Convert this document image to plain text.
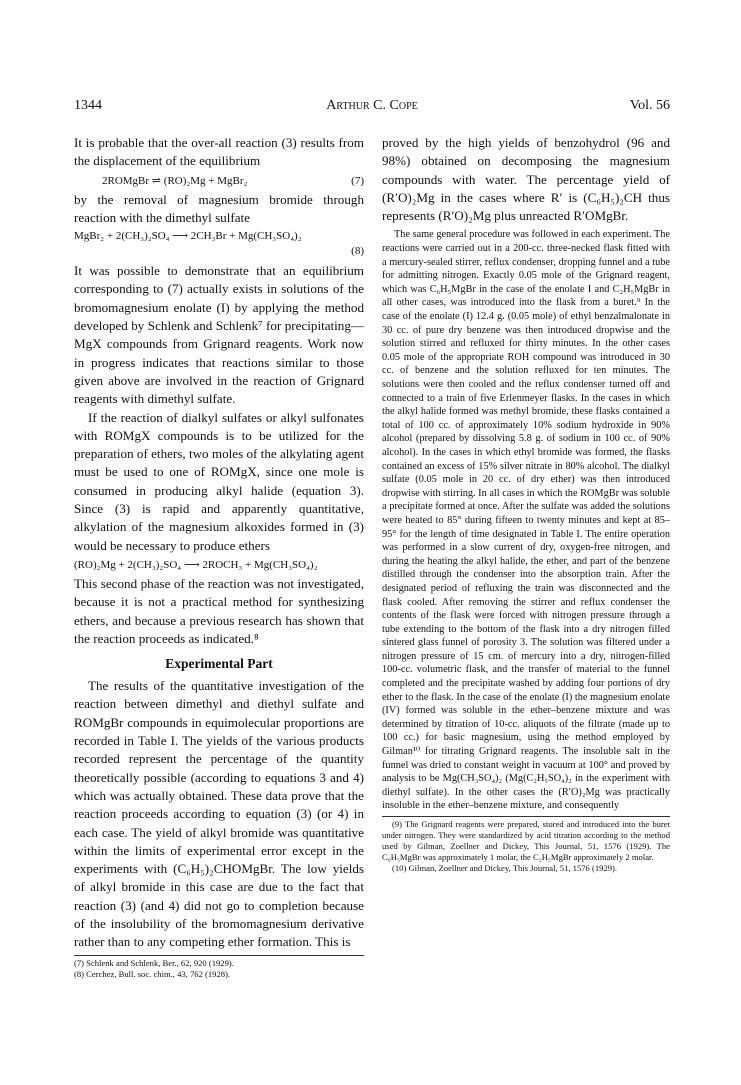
1344	Arthur C. Cope	Vol. 56

It is probable that the over-all reaction (3) results from the displacement of the equilibrium

2ROMgBr ⇌ (RO)₂Mg + MgBr₂	(7)

by the removal of magnesium bromide through reaction with the dimethyl sulfate

MgBr₂ + 2(CH₃)₂SO₄ ⟶ 2CH₃Br + Mg(CH₃SO₄)₂
(8)

It was possible to demonstrate that an equilibrium corresponding to (7) actually exists in solutions of the bromomagnesium enolate (I) by applying the method developed by Schlenk and Schlenk⁷ for precipitating—MgX compounds from Grignard reagents. Work now in progress indicates that reactions similar to those given above are involved in the reaction of Grignard reagents with dimethyl sulfate.

If the reaction of dialkyl sulfates or alkyl sulfonates with ROMgX compounds is to be utilized for the preparation of ethers, two moles of the alkylating agent must be used to one of ROMgX, since one mole is consumed in producing alkyl halide (equation 3). Since (3) is rapid and apparently quantitative, alkylation of the magnesium alkoxides formed in (3) would be necessary to produce ethers

(RO)₂Mg + 2(CH₃)₂SO₄ ⟶ 2ROCH₃ + Mg(CH₃SO₄)₂

This second phase of the reaction was not investigated, because it is not a practical method for synthesizing ethers, and because a previous research has shown that the reaction proceeds as indicated.⁸

Experimental Part

The results of the quantitative investigation of the reaction between dimethyl and diethyl sulfate and ROMgBr compounds in equimolecular proportions are recorded in Table I. The yields of the various products recorded represent the percentage of the quantity theoretically possible (according to equations 3 and 4) which was actually obtained. These data prove that the reaction proceeds according to equation (3) (or 4) in each case. The yield of alkyl bromide was quantitative within the limits of experimental error except in the experiments with (C₆H₅)₂CHOMgBr. The low yields of alkyl bromide in this case are due to the fact that reaction (3) (and 4) did not go to completion because of the insolubility of the bromomagnesium derivative rather than to any competing ether formation. This is

(7) Schlenk and Schlenk, Ber., 62, 920 (1929).

(8) Cerchez, Bull. soc. chim., 43, 762 (1928).

proved by the high yields of benzohydrol (96 and 98%) obtained on decomposing the magnesium compounds with water. The percentage yield of (R′O)₂Mg in the cases where R′ is (C₆H₅)₂CH thus represents (R′O)₂Mg plus unreacted R′OMgBr.

The same general procedure was followed in each experiment. The reactions were carried out in a 200-cc. three-necked flask fitted with a mercury-sealed stirrer, reflux condenser, dropping funnel and a tube for admitting nitrogen. Exactly 0.05 mole of the Grignard reagent, which was C₆H₅MgBr in the case of the enolate I and C₂H₅MgBr in all other cases, was introduced into the flask from a buret.⁹ In the case of the enolate (I) 12.4 g. (0.05 mole) of ethyl benzalmalonate in 30 cc. of pure dry benzene was then introduced dropwise and the solution stirred and refluxed for thirty minutes. In the other cases 0.05 mole of the appropriate ROH compound was introduced in 30 cc. of benzene and the solution refluxed for ten minutes. The solutions were then cooled and the reflux condenser turned off and connected to a train of five Erlenmeyer flasks. In the cases in which the alkyl halide formed was methyl bromide, these flasks contained a total of 100 cc. of approximately 10% sodium hydroxide in 90% alcohol (prepared by dissolving 5.8 g. of sodium in 100 cc. of 90% alcohol). In the cases in which ethyl bromide was formed, the flasks contained an excess of 15% silver nitrate in 80% alcohol. The dialkyl sulfate (0.05 mole in 20 cc. of dry ether) was then introduced dropwise with stirring. In all cases in which the ROMgBr was soluble a precipitate formed at once. After the sulfate was added the solutions were heated to 85° during fifteen to twenty minutes and kept at 85–95° for the length of time designated in Table I. The entire operation was performed in a slow current of dry, oxygen-free nitrogen, and during the heating the alkyl halide, the ether, and part of the benzene distilled through the condenser into the absorption train. After the designated period of refluxing the train was disconnected and the flask cooled. After removing the stirrer and reflux condenser the contents of the flask were forced with nitrogen pressure through a tube extending to the bottom of the flask into a dry nitrogen filled sintered glass funnel of porosity 3. The solution was filtered under a nitrogen pressure of 15 cm. of mercury into a dry, nitrogen-filled 100-cc. volumetric flask, and the transfer of material to the funnel completed and the precipitate washed by adding four portions of dry ether to the flask. In the case of the enolate (I) the magnesium enolate (IV) formed was soluble in the ether–benzene mixture and was determined by titration of 10-cc. aliquots of the filtrate (made up to 100 cc.) for basic magnesium, using the method employed by Gilman¹⁰ for titrating Grignard reagents. The insoluble salt in the funnel was dried to constant weight in vacuum at 100° and proved by analysis to be Mg(CH₃SO₄)₂ (Mg(C₂H₅SO₄)₂ in the experiment with diethyl sulfate). In the other cases the (R′O)₂Mg was practically insoluble in the ether–benzene mixture, and consequently

(9) The Grignard reagents were prepared, stored and introduced into the buret under nitrogen. They were standardized by acid titration according to the method used by Gilman, Zoellner and Dickey, This Journal, 51, 1576 (1929). The C₆H₅MgBr was approximately 1 molar, the C₂H₅MgBr approximately 2 molar.

(10) Gilman, Zoellner and Dickey, This Journal, 51, 1576 (1929).
